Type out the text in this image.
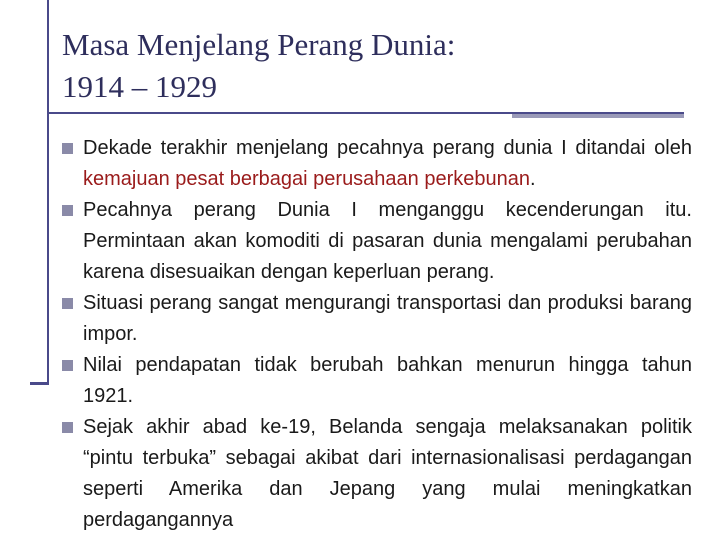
Masa Menjelang Perang Dunia:
1914 – 1929
Dekade terakhir menjelang pecahnya perang dunia I ditandai oleh kemajuan pesat berbagai perusahaan perkebunan.
Pecahnya perang Dunia I menganggu kecenderungan itu. Permintaan akan komoditi di pasaran dunia mengalami perubahan karena disesuaikan dengan keperluan perang.
Situasi perang sangat mengurangi transportasi dan produksi barang impor.
Nilai pendapatan tidak berubah bahkan menurun hingga tahun 1921.
Sejak akhir abad ke-19, Belanda sengaja melaksanakan politik “pintu terbuka” sebagai akibat dari internasionalisasi perdagangan seperti Amerika dan Jepang yang mulai meningkatkan perdagangannya
